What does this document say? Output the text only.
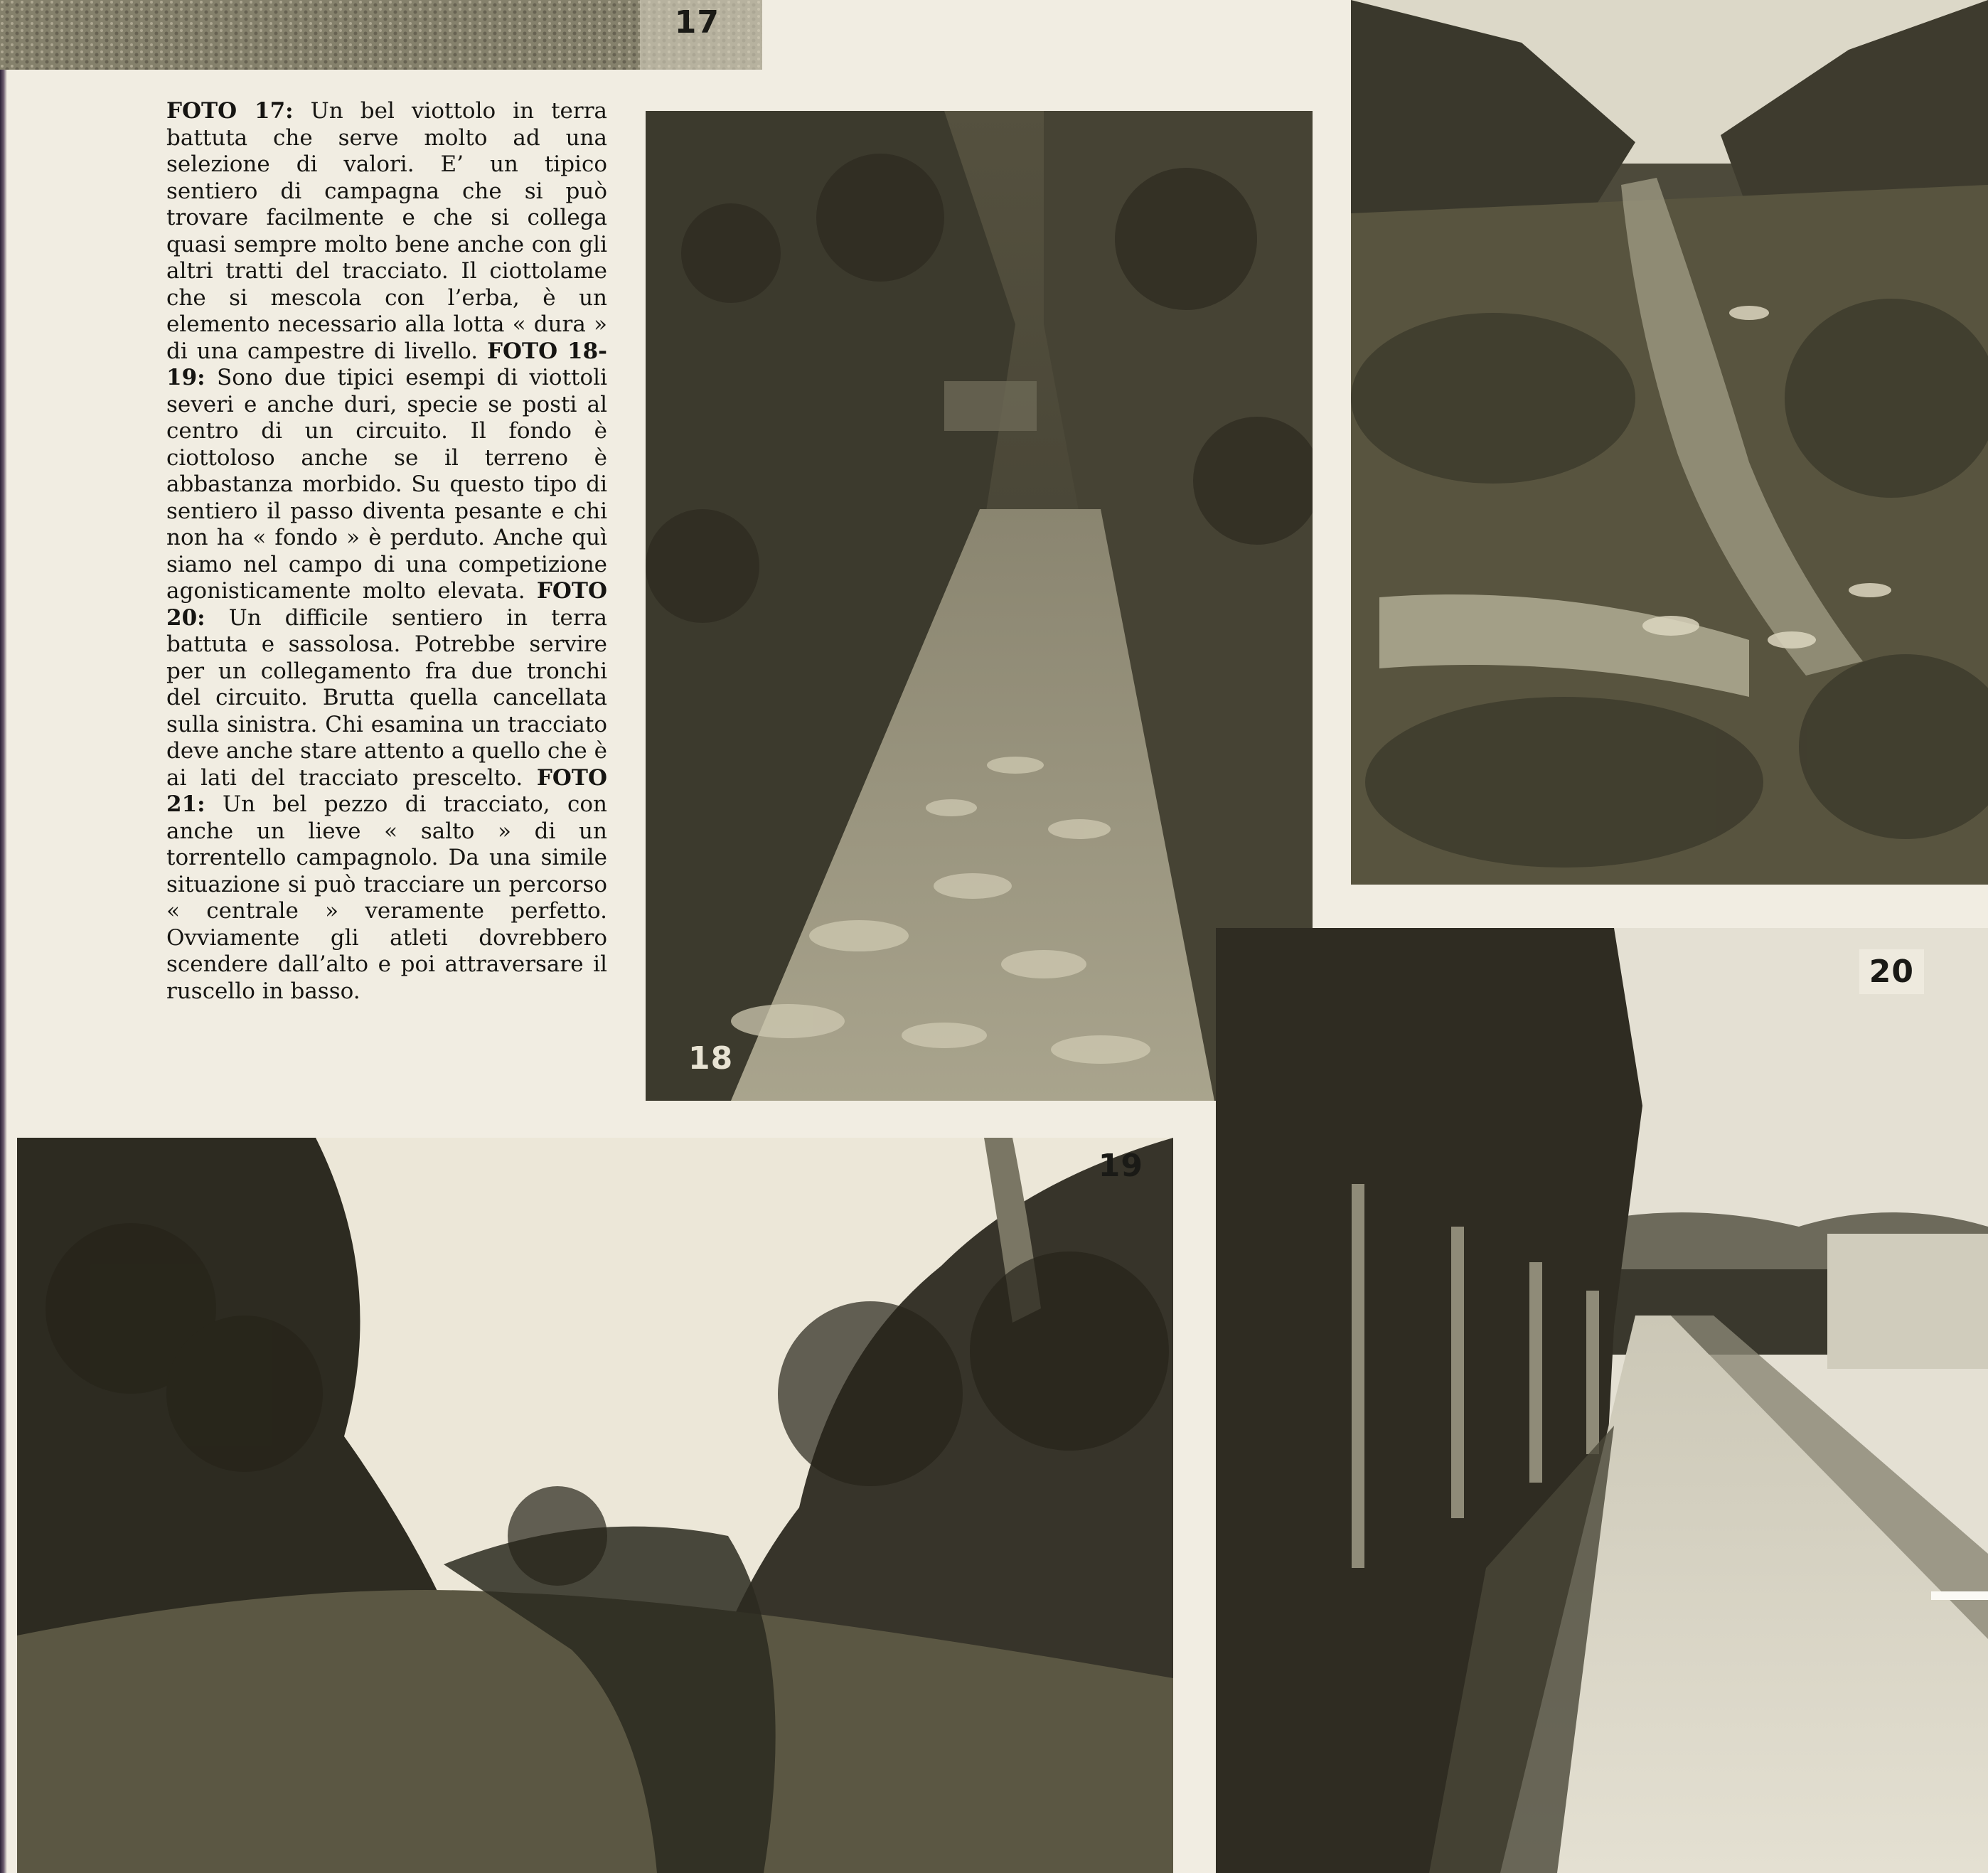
17
18
20
19
FOTO 17: Un bel viottolo in terra battuta che serve molto ad una selezione di valori. E’ un tipico sentiero di campagna che si può trovare facilmente e che si collega quasi sempre molto bene anche con gli altri tratti del tracciato. Il ciottolame che si mescola con l’erba, è un elemento necessario alla lotta « dura » di una campestre di livello. FOTO 18-19: Sono due tipici esempi di viottoli severi e anche duri, specie se posti al centro di un circuito. Il fondo è ciottoloso anche se il terreno è abbastanza morbido. Su questo tipo di sentiero il passo diventa pesante e chi non ha « fondo » è perduto. Anche quì siamo nel campo di una competizione agonisticamente molto elevata. FOTO 20: Un difficile sentiero in terra battuta e sassolosa. Potrebbe servire per un collegamento fra due tronchi del circuito. Brutta quella cancellata sulla sinistra. Chi esamina un tracciato deve anche stare attento a quello che è ai lati del tracciato prescelto. FOTO 21: Un bel pezzo di tracciato, con anche un lieve « salto » di un torrentello campagnolo. Da una simile situazione si può tracciare un percorso « centrale » veramente perfetto. Ovviamente gli atleti dovrebbero scendere dall’alto e poi attraversare il ruscello in basso.
